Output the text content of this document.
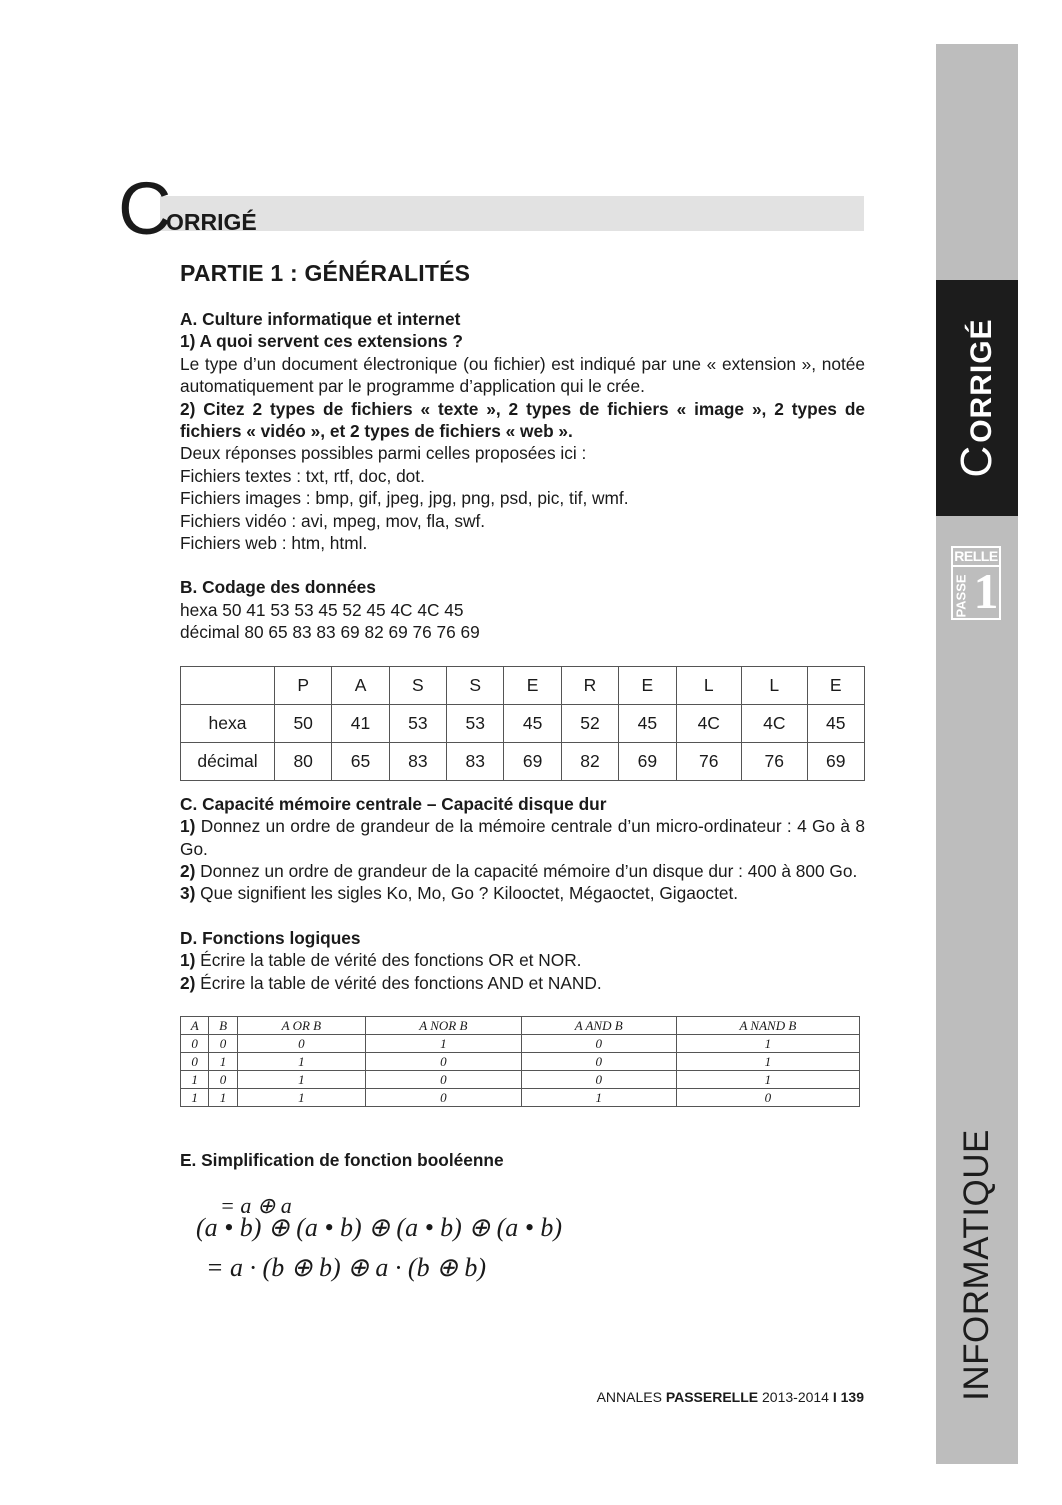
CORRIGÉ
RELLE
PASSE 1
INFORMATIQUE
C
ORRIGÉ
PARTIE 1 : GÉNÉRALITÉS

A. Culture informatique et internet

1) A quoi servent ces extensions ?

Le type d’un document électronique (ou fichier) est indiqué par une « extension », notée automatiquement par le programme d’application qui le crée.

2) Citez 2 types de fichiers « texte », 2 types de fichiers « image », 2 types de fichiers « vidéo », et 2 types de fichiers « web ».

Deux réponses possibles parmi celles proposées ici :

Fichiers textes : txt, rtf, doc, dot.

Fichiers images : bmp, gif, jpeg, jpg, png, psd, pic, tif, wmf.

Fichiers vidéo : avi, mpeg, mov, fla, swf.

Fichiers web : htm, html.

B. Codage des données

hexa 50 41 53 53 45 52 45 4C 4C 45

décimal 80 65 83 83 69 82 69 76 76 69

	P	A	S	S	E	R	E	L	L	E
hexa	50	41	53	53	45	52	45	4C	4C	45
décimal	80	65	83	83	69	82	69	76	76	69

C. Capacité mémoire centrale – Capacité disque dur

1) Donnez un ordre de grandeur de la mémoire centrale d’un micro-ordinateur : 4 Go à 8 Go.

2) Donnez un ordre de grandeur de la capacité mémoire d’un disque dur : 400 à 800 Go.

3) Que signifient les sigles Ko, Mo, Go ? Kilooctet, Mégaoctet, Gigaoctet.

D. Fonctions logiques

1) Écrire la table de vérité des fonctions OR et NOR.

2) Écrire la table de vérité des fonctions AND et NAND.

A	B	A OR B	A NOR B	A AND B	A NAND B
0	0	0	1	0	1
0	1	1	0	0	1
1	0	1	0	0	1
1	1	1	0	1	0

E. Simplification de fonction booléenne

= a ⊕ a
(a • b) ⊕ (a • b) ⊕ (a • b) ⊕ (a • b)
= a · (b ⊕ b) ⊕ a · (b ⊕ b)
ANNALES PASSERELLE 2013-2014 I 139
